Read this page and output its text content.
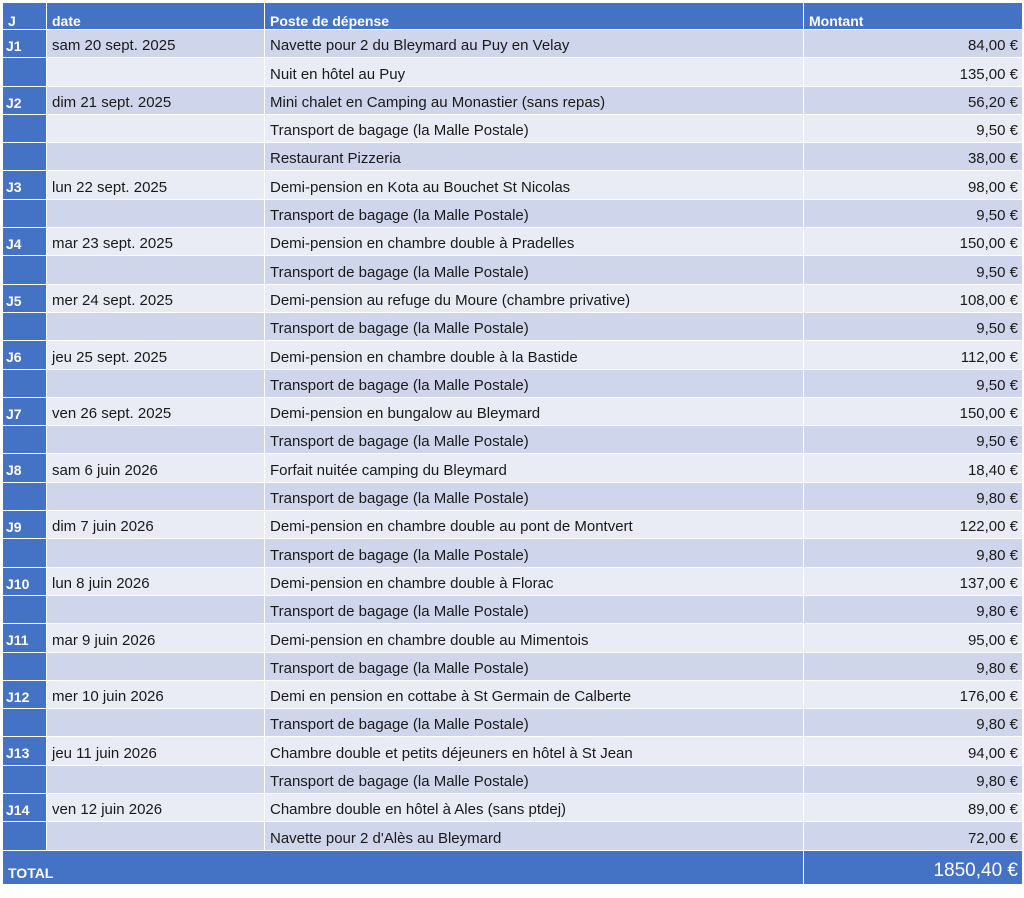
J	date	Poste de dépense	Montant
J1	sam 20 sept. 2025	Navette pour 2 du Bleymard au Puy en Velay	84,00 €
		Nuit en hôtel au Puy	135,00 €
J2	dim 21 sept. 2025	Mini chalet en Camping au Monastier (sans repas)	56,20 €
		Transport de bagage (la Malle Postale)	9,50 €
		Restaurant Pizzeria	38,00 €
J3	lun 22 sept. 2025	Demi-pension en Kota au Bouchet St Nicolas	98,00 €
		Transport de bagage (la Malle Postale)	9,50 €
J4	mar 23 sept. 2025	Demi-pension en chambre double à Pradelles	150,00 €
		Transport de bagage (la Malle Postale)	9,50 €
J5	mer 24 sept. 2025	Demi-pension au refuge du Moure (chambre privative)	108,00 €
		Transport de bagage (la Malle Postale)	9,50 €
J6	jeu 25 sept. 2025	Demi-pension en chambre double à la Bastide	112,00 €
		Transport de bagage (la Malle Postale)	9,50 €
J7	ven 26 sept. 2025	Demi-pension en bungalow au Bleymard	150,00 €
		Transport de bagage (la Malle Postale)	9,50 €
J8	sam 6 juin 2026	Forfait nuitée camping du Bleymard	18,40 €
		Transport de bagage (la Malle Postale)	9,80 €
J9	dim 7 juin 2026	Demi-pension en chambre double au pont de Montvert	122,00 €
		Transport de bagage (la Malle Postale)	9,80 €
J10	lun 8 juin 2026	Demi-pension en chambre double à Florac	137,00 €
		Transport de bagage (la Malle Postale)	9,80 €
J11	mar 9 juin 2026	Demi-pension en chambre double au Mimentois	95,00 €
		Transport de bagage (la Malle Postale)	9,80 €
J12	mer 10 juin 2026	Demi en pension en cottabe à St Germain de Calberte	176,00 €
		Transport de bagage (la Malle Postale)	9,80 €
J13	jeu 11 juin 2026	Chambre double et petits déjeuners en hôtel à St Jean	94,00 €
		Transport de bagage (la Malle Postale)	9,80 €
J14	ven 12 juin 2026	Chambre double en hôtel à Ales (sans ptdej)	89,00 €
		Navette pour 2 d'Alès au Bleymard	72,00 €
TOTAL			1850,40 €
